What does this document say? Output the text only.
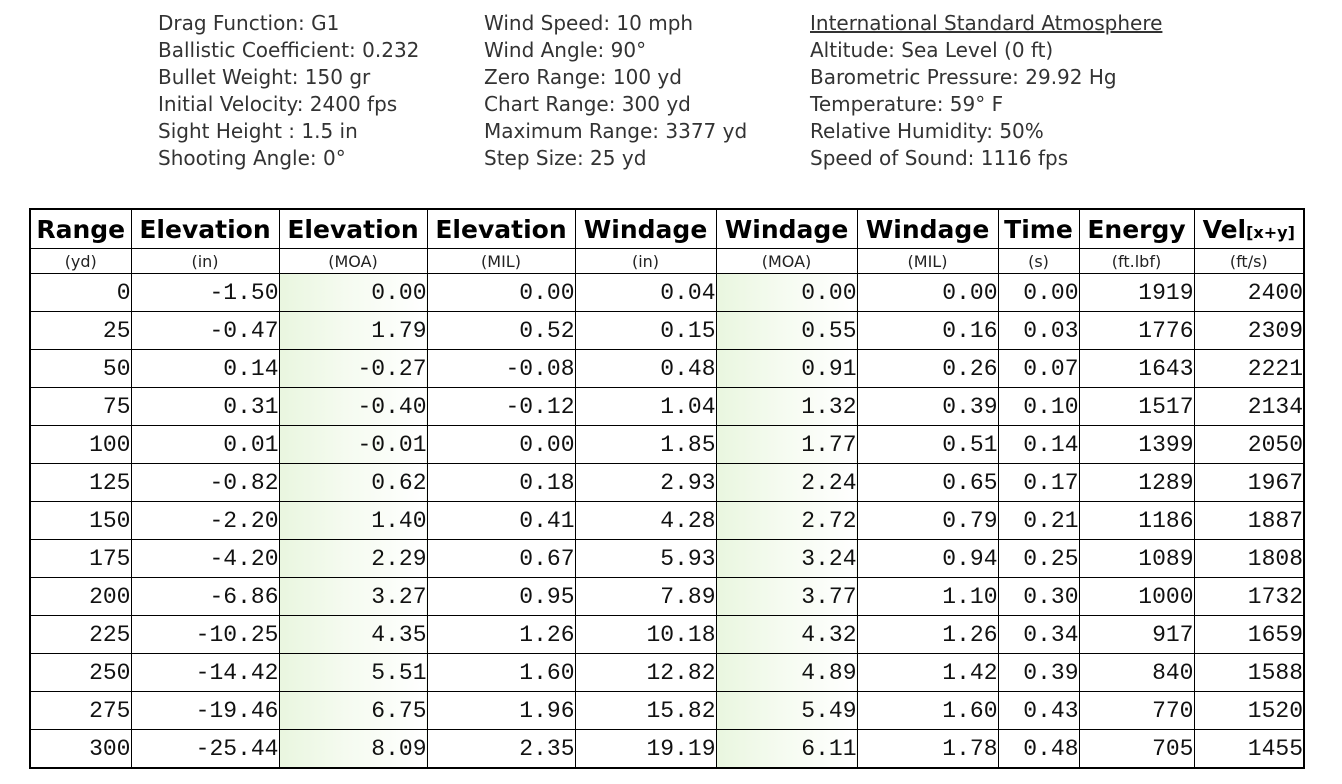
Drag Function: G1
Ballistic Coefficient: 0.232
Bullet Weight: 150 gr
Initial Velocity: 2400 fps
Sight Height : 1.5 in
Shooting Angle: 0°
Wind Speed: 10 mph
Wind Angle: 90°
Zero Range: 100 yd
Chart Range: 300 yd
Maximum Range: 3377 yd
Step Size: 25 yd
International Standard Atmosphere
Altitude: Sea Level (0 ft)
Barometric Pressure: 29.92 Hg
Temperature: 59° F
Relative Humidity: 50%
Speed of Sound: 1116 fps
Range	Elevation	Elevation	Elevation	Windage	Windage	Windage	Time	Energy	Vel[x+y]
(yd)	(in)	(MOA)	(MIL)	(in)	(MOA)	(MIL)	(s)	(ft.lbf)	(ft/s)
0	-1.50	0.00	0.00	0.04	0.00	0.00	0.00	1919	2400
25	-0.47	1.79	0.52	0.15	0.55	0.16	0.03	1776	2309
50	0.14	-0.27	-0.08	0.48	0.91	0.26	0.07	1643	2221
75	0.31	-0.40	-0.12	1.04	1.32	0.39	0.10	1517	2134
100	0.01	-0.01	0.00	1.85	1.77	0.51	0.14	1399	2050
125	-0.82	0.62	0.18	2.93	2.24	0.65	0.17	1289	1967
150	-2.20	1.40	0.41	4.28	2.72	0.79	0.21	1186	1887
175	-4.20	2.29	0.67	5.93	3.24	0.94	0.25	1089	1808
200	-6.86	3.27	0.95	7.89	3.77	1.10	0.30	1000	1732
225	-10.25	4.35	1.26	10.18	4.32	1.26	0.34	917	1659
250	-14.42	5.51	1.60	12.82	4.89	1.42	0.39	840	1588
275	-19.46	6.75	1.96	15.82	5.49	1.60	0.43	770	1520
300	-25.44	8.09	2.35	19.19	6.11	1.78	0.48	705	1455
